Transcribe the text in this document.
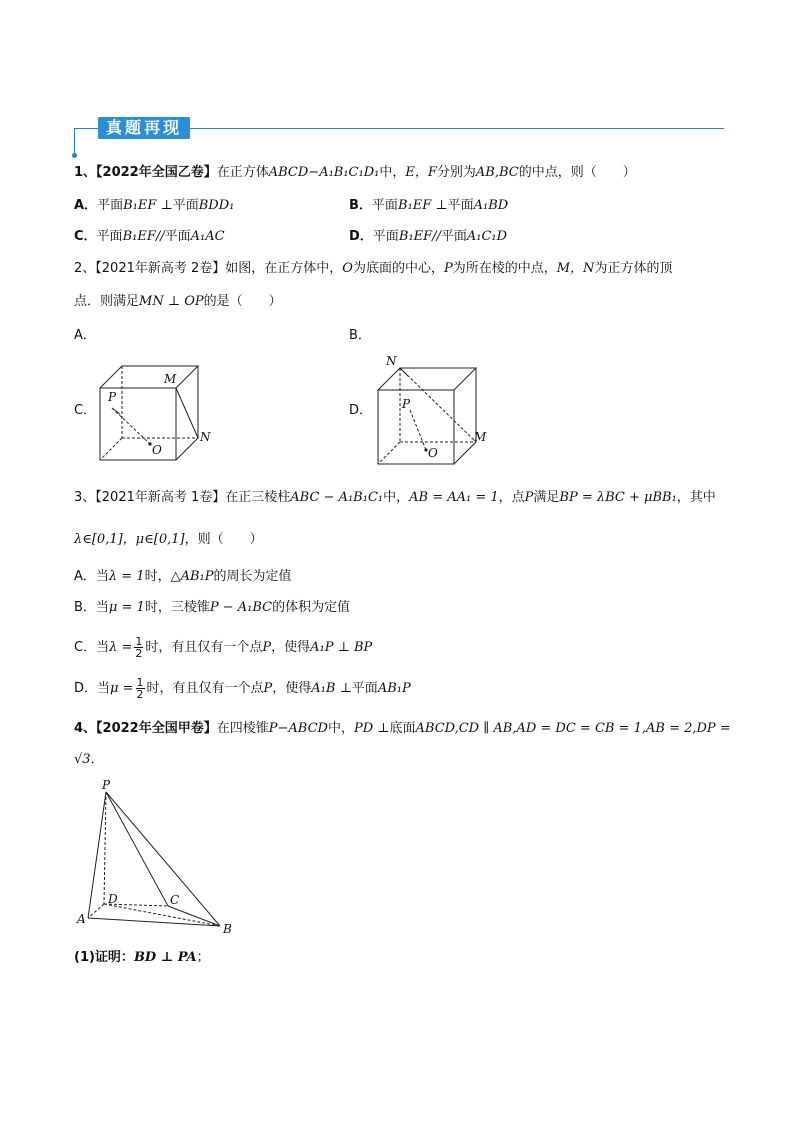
真题再现
1、【2022年全国乙卷】在正方体ABCD−A₁B₁C₁D₁中，E，F分别为AB,BC的中点，则（　　）
A．平面B₁EF ⊥平面BDD₁	B．平面B₁EF ⊥平面A₁BD
C．平面B₁EF//平面A₁AC	D．平面B₁EF//平面A₁C₁D
2、【2021年新高考 2卷】如图，在正方体中，O为底面的中心，P为所在棱的中点，M，N为正方体的顶
点．则满足MN ⊥ OP的是（　　）
A．	B．
C．	D．
P
M
N
O
N
P
M
O
3、【2021年新高考 1卷】在正三棱柱ABC − A₁B₁C₁中，AB = AA₁ = 1，点P满足BP = λBC + μBB₁，其中
λ∈[0,1]，μ∈[0,1]，则（　　）
A．当λ = 1时，△AB₁P的周长为定值
B．当μ = 1时，三棱锥P − A₁BC的体积为定值
C．当$\lambda = \frac{1}{2}$ 时，有且仅有一个点P，使得A₁P ⊥ BP
D．当$\mu = \frac{1}{2}$ 时，有且仅有一个点P，使得A₁B ⊥平面AB₁P
4、【2022年全国甲卷】在四棱锥P−ABCD中，PD ⊥底面ABCD,CD ∥ AB,AD = DC = CB = 1,AB = 2,DP =
√3．
P
D	C
A
B
(1)证明：BD ⊥ PA；
